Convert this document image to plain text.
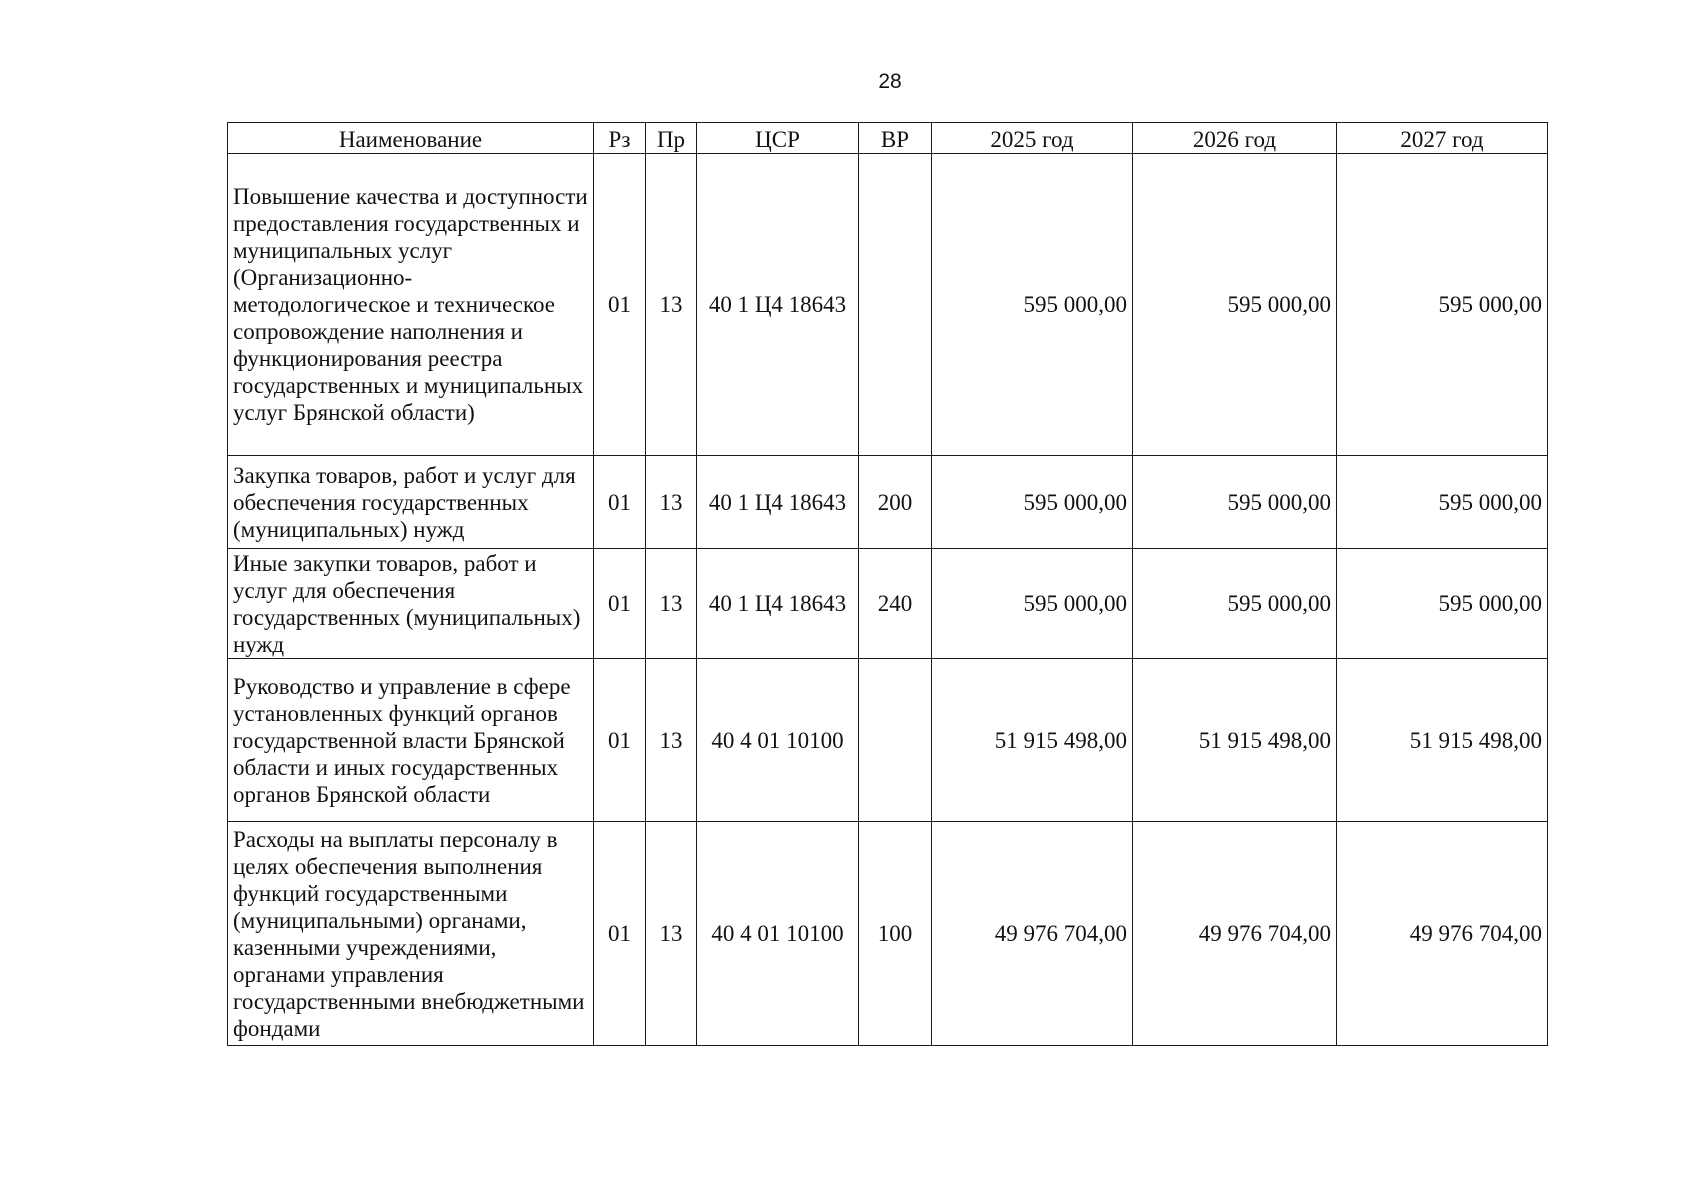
28
Наименование	Рз	Пр	ЦСР	ВР	2025 год	2026 год	2027 год
Повышение качества и доступности предоставления государственных и муниципальных услуг (Организационно-методологическое и техническое сопровождение наполнения и функционирования реестра государственных и муниципальных услуг Брянской области)	01	13	40 1 Ц4 18643		595 000,00	595 000,00	595 000,00
Закупка товаров, работ и услуг для обеспечения государственных (муниципальных) нужд	01	13	40 1 Ц4 18643	200	595 000,00	595 000,00	595 000,00
Иные закупки товаров, работ и услуг для обеспечения государственных (муниципальных) нужд	01	13	40 1 Ц4 18643	240	595 000,00	595 000,00	595 000,00
Руководство и управление в сфере установленных функций органов государственной власти Брянской области и иных государственных органов Брянской области	01	13	40 4 01 10100		51 915 498,00	51 915 498,00	51 915 498,00
Расходы на выплаты персоналу в целях обеспечения выполнения функций государственными (муниципальными) органами, казенными учреждениями, органами управления государственными внебюджетными фондами	01	13	40 4 01 10100	100	49 976 704,00	49 976 704,00	49 976 704,00
